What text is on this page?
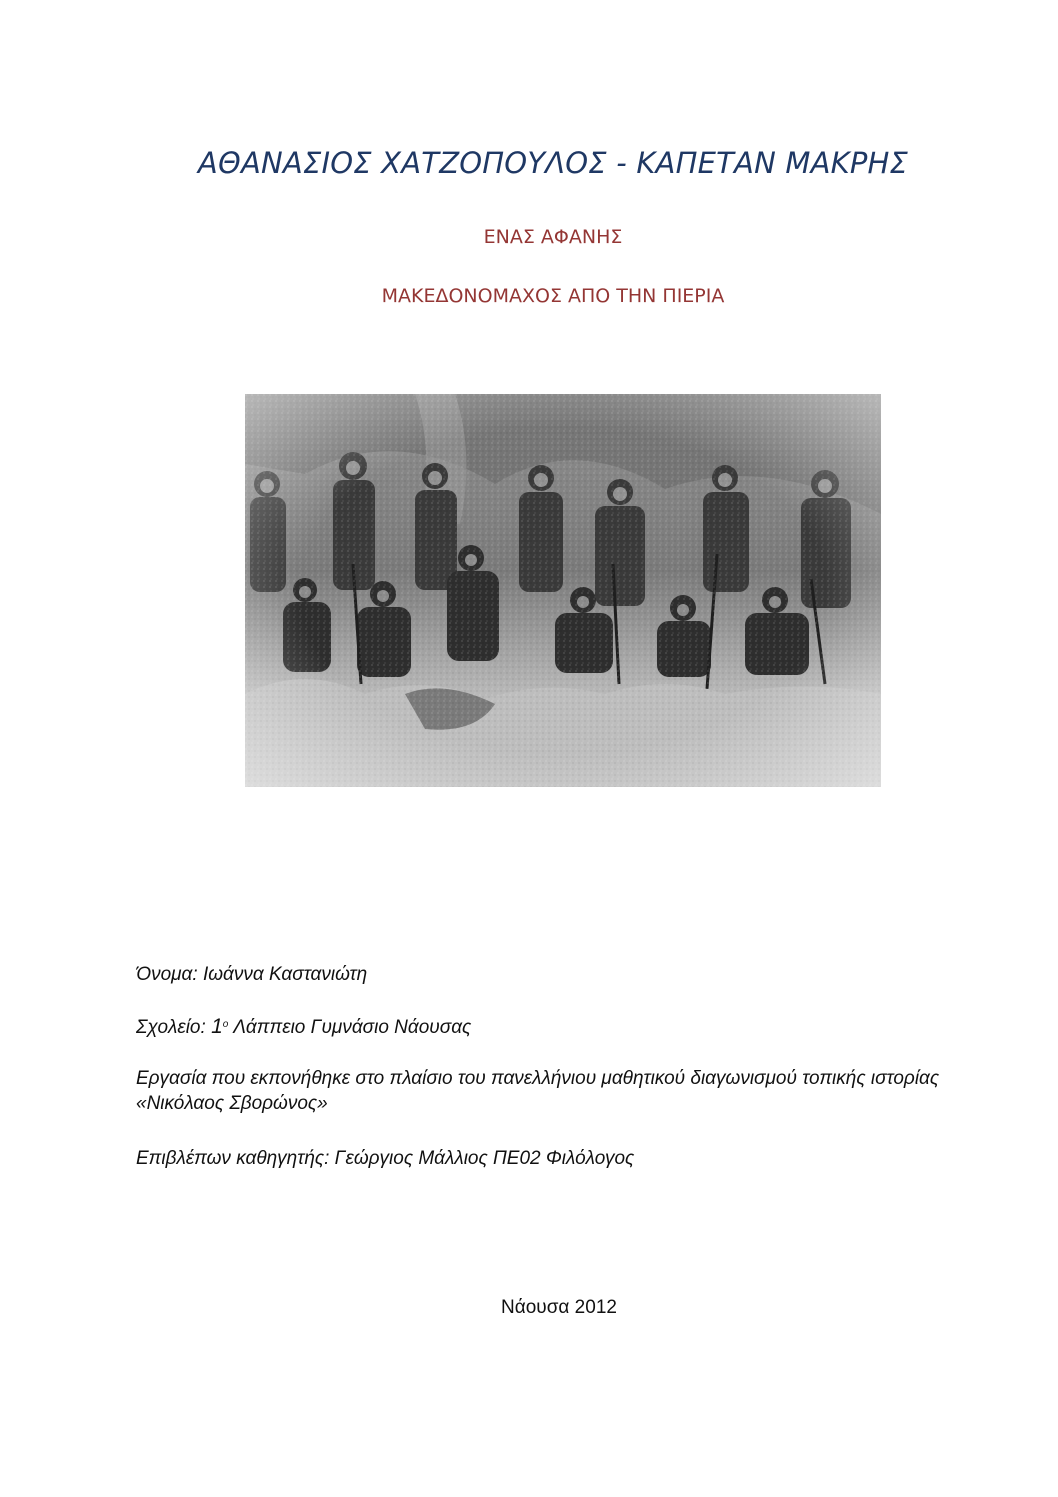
ΑΘΑΝΑΣΙΟΣ ΧΑΤΖΟΠΟΥΛΟΣ - ΚΑΠΕΤΑΝ ΜΑΚΡΗΣ

ΕΝΑΣ ΑΦΑΝΗΣ

ΜΑΚΕΔΟΝΟΜΑΧΟΣ ΑΠΟ ΤΗΝ ΠΙΕΡΙΑ

Όνομα: Ιωάννα Καστανιώτη

Σχολείο: $1^o$ Λάππειο Γυμνάσιο Νάουσας

Εργασία που εκπονήθηκε στο πλαίσιο του πανελλήνιου μαθητικού διαγωνισμού τοπικής ιστορίας «Νικόλαος Σβορώνος»

Επιβλέπων καθηγητής: Γεώργιος Μάλλιος ΠΕ02 Φιλόλογος

Νάουσα 2012
